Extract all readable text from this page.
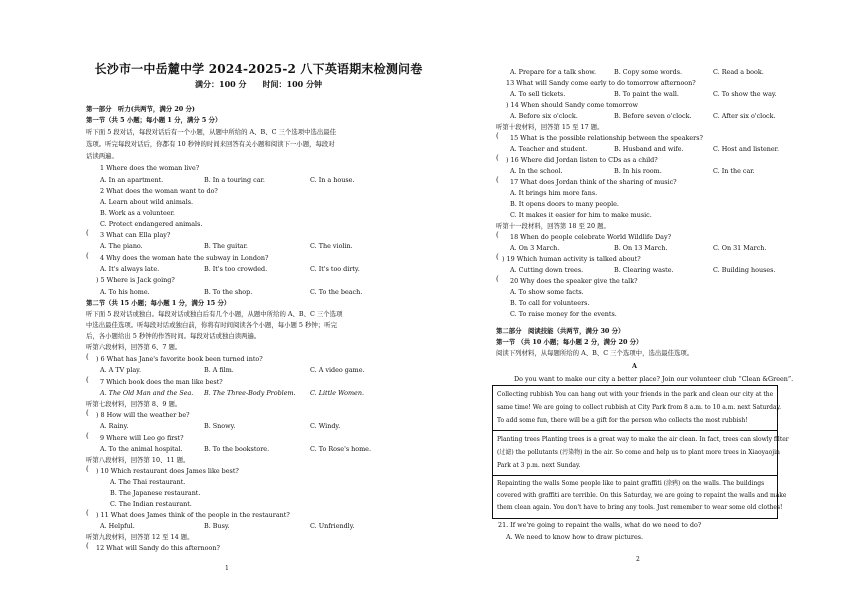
长沙市一中岳麓中学 2024-2025-2 八下英语期末检测问卷
满分：100 分　　时间：100 分钟
第一部分　听力(共两节，满分 20 分)
第一节（共 5 小题；每小题 1 分，满分 5 分）
听下面 5 段对话，每段对话后有一个小题，从题中所给的 A、B、C 三个选项中选出最佳
选项。听完每段对话后，你都有 10 秒钟的时间来回答有关小题和阅读下一小题，每段对
话读两遍。
1 Where does the woman live?
A. In an apartment.	B. In a touring car.	C. In a house.
2 What does the woman want to do?
A. Learn about wild animals.
B. Work as a volunteer.
C. Protect endangered animals.
( 3 What can Ella play?
A. The piano.	B. The guitar.	C. The violin.
( 4 Why does the woman hate the subway in London?
A. It's always late.	B. It's too crowded.	C. It's too dirty.
) 5 Where is Jack going?
A. To his home.	B. To the shop.	C. To the beach.
第二节（共 15 小题；每小题 1 分，满分 15 分）
听下面 5 段对话或独白。每段对话或独白后有几个小题，从题中所给的 A、B、C 三个选项
中选出最佳选项。听每段对话或独白前，你将有时间阅读各个小题，每小题 5 秒钟；听完
后，各小题给出 5 秒钟的作答时间。每段对话或独白读两遍。
听第六段材料，回答第 6、7 题。
( ) 6 What has Jane's favorite book been turned into?
A. A TV play.	B. A film.	C. A video game.
( 7 Which book does the man like best?
A. The Old Man and the Sea. B. The Three-Body Problem. C. Little Women.
听第七段材料，回答第 8、9 题。
( ) 8 How will the weather be?
A. Rainy.	B. Snowy.	C. Windy.
( 9 Where will Leo go first?
A. To the animal hospital.	B. To the bookstore.	C. To Rose's home.
听第八段材料，回答第 10、11 题。
( ) 10 Which restaurant does James like best?
A. The Thai restaurant.
B. The Japanese restaurant.
C. The Indian restaurant.
( ) 11 What does James think of the people in the restaurant?
A. Helpful.	B. Busy.	C. Unfriendly.
听第九段材料，回答第 12 至 14 题。
( 12 What will Sandy do this afternoon?
1
A. Prepare for a talk show.	B. Copy some words.	C. Read a book.
13 What will Sandy come early to do tomorrow afternoon?
A. To sell tickets.	B. To paint the wall.	C. To show the way.
) 14 When should Sandy come tomorrow
A. Before six o'clock.	B. Before seven o'clock.	C. After six o'clock.
听第十段材料，回答第 15 至 17 题。
( 15 What is the possible relationship between the speakers?
A. Teacher and student.	B. Husband and wife.	C. Host and listener.
( ) 16 Where did Jordan listen to CDs as a child?
A. In the school.	B. In his room.	C. In the car.
( 17 What does Jordan think of the sharing of music?
A. It brings him more fans.
B. It opens doors to many people.
C. It makes it easier for him to make music.
听第十一段材料，回答第 18 至 20 题。
( 18 When do people celebrate World Wildlife Day?
A. On 3 March.	B. On 13 March.	C. On 31 March.
( ) 19 Which human activity is talked about?
A. Cutting down trees.	B. Clearing waste.	C. Building houses.
( 20 Why does the speaker give the talk?
A. To show some facts.
B. To call for volunteers.
C. To raise money for the events.
第二部分　阅读技能（共两节，满分 30 分）
第一节 （共 10 小题；每小题 2 分，满分 20 分）
阅读下列材料，从每题所给的 A、B、C 三个选项中，选出最佳选项。
A
Do you want to make our city a better place? Join our volunteer club “Clean &Green”.
Collecting rubbish You can hang out with your friends in the park and clean our city at the
same time! We are going to collect rubbish at City Park from 8 a.m. to 10 a.m. next Saturday.
To add some fun, there will be a gift for the person who collects the most rubbish!
Planting trees Planting trees is a great way to make the air clean. In fact, trees can slowly filter
(过滤) the pollutants (污染物) in the air. So come and help us to plant more trees in Xiaoyaojin
Park at 3 p.m. next Sunday.
Repainting the walls Some people like to paint graffiti (涂鸦) on the walls. The buildings
covered with graffiti are terrible. On this Saturday, we are going to repaint the walls and make
them clean again. You don't have to bring any tools. Just remember to wear some old clothes!
21. If we're going to repaint the walls, what do we need to do?
A. We need to know how to draw pictures.
2
